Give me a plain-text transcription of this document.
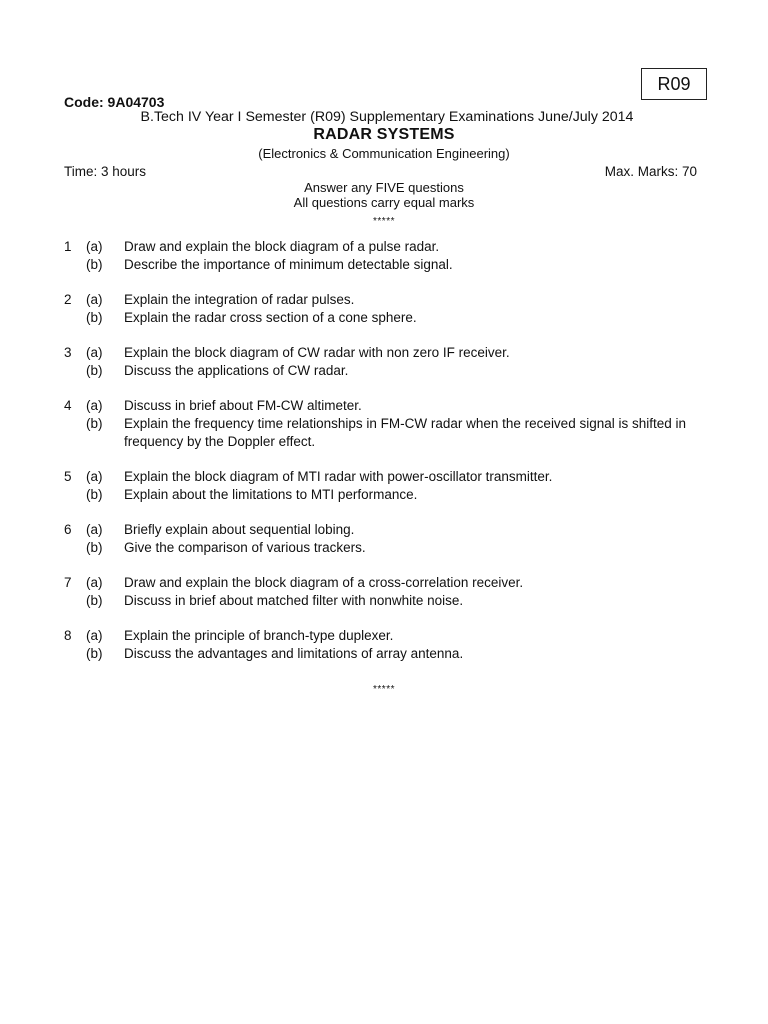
R09
Code: 9A04703
B.Tech IV Year I Semester (R09) Supplementary Examinations June/July 2014
RADAR SYSTEMS
(Electronics & Communication Engineering)
Time: 3 hours	Max. Marks: 70
Answer any FIVE questions
All questions carry equal marks
*****
1	(a)	Draw and explain the block diagram of a pulse radar.
(b)	Describe the importance of minimum detectable signal.
2	(a)	Explain the integration of radar pulses.
(b)	Explain the radar cross section of a cone sphere.
3	(a)	Explain the block diagram of CW radar with non zero IF receiver.
(b)	Discuss the applications of CW radar.
4	(a)	Discuss in brief about FM-CW altimeter.
(b)	Explain the frequency time relationships in FM-CW radar when the received signal is shifted in frequency by the Doppler effect.
5	(a)	Explain the block diagram of MTI radar with power-oscillator transmitter.
(b)	Explain about the limitations to MTI performance.
6	(a)	Briefly explain about sequential lobing.
(b)	Give the comparison of various trackers.
7	(a)	Draw and explain the block diagram of a cross-correlation receiver.
(b)	Discuss in brief about matched filter with nonwhite noise.
8	(a)	Explain the principle of branch-type duplexer.
(b)	Discuss the advantages and limitations of array antenna.
*****
